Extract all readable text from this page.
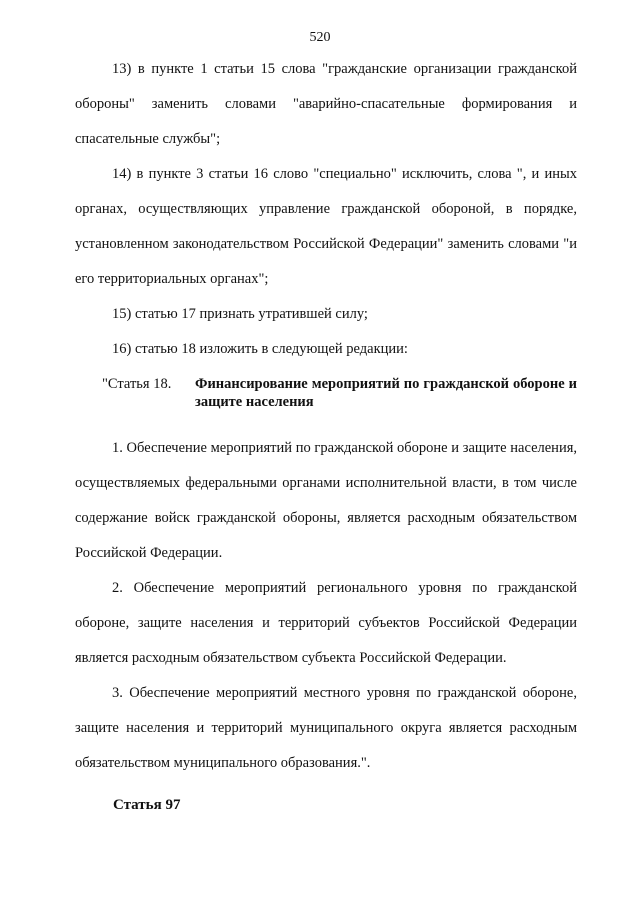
520

13) в пункте 1 статьи 15 слова "гражданские организации гражданской обороны" заменить словами "аварийно-спасательные формирования и спасательные службы";

14) в пункте 3 статьи 16 слово "специально" исключить, слова ", и иных органах, осуществляющих управление гражданской обороной, в порядке, установленном законодательством Российской Федерации" заменить словами "и его территориальных органах";

15) статью 17 признать утратившей силу;

16) статью 18 изложить в следующей редакции:

"Статья 18.	Финансирование мероприятий по гражданской обороне и защите населения

1. Обеспечение мероприятий по гражданской обороне и защите населения, осуществляемых федеральными органами исполнительной власти, в том числе содержание войск гражданской обороны, является расходным обязательством Российской Федерации.

2. Обеспечение мероприятий регионального уровня по гражданской обороне, защите населения и территорий субъектов Российской Федерации является расходным обязательством субъекта Российской Федерации.

3. Обеспечение мероприятий местного уровня по гражданской обороне, защите населения и территорий муниципального округа является расходным обязательством муниципального образования.".

Статья 97
